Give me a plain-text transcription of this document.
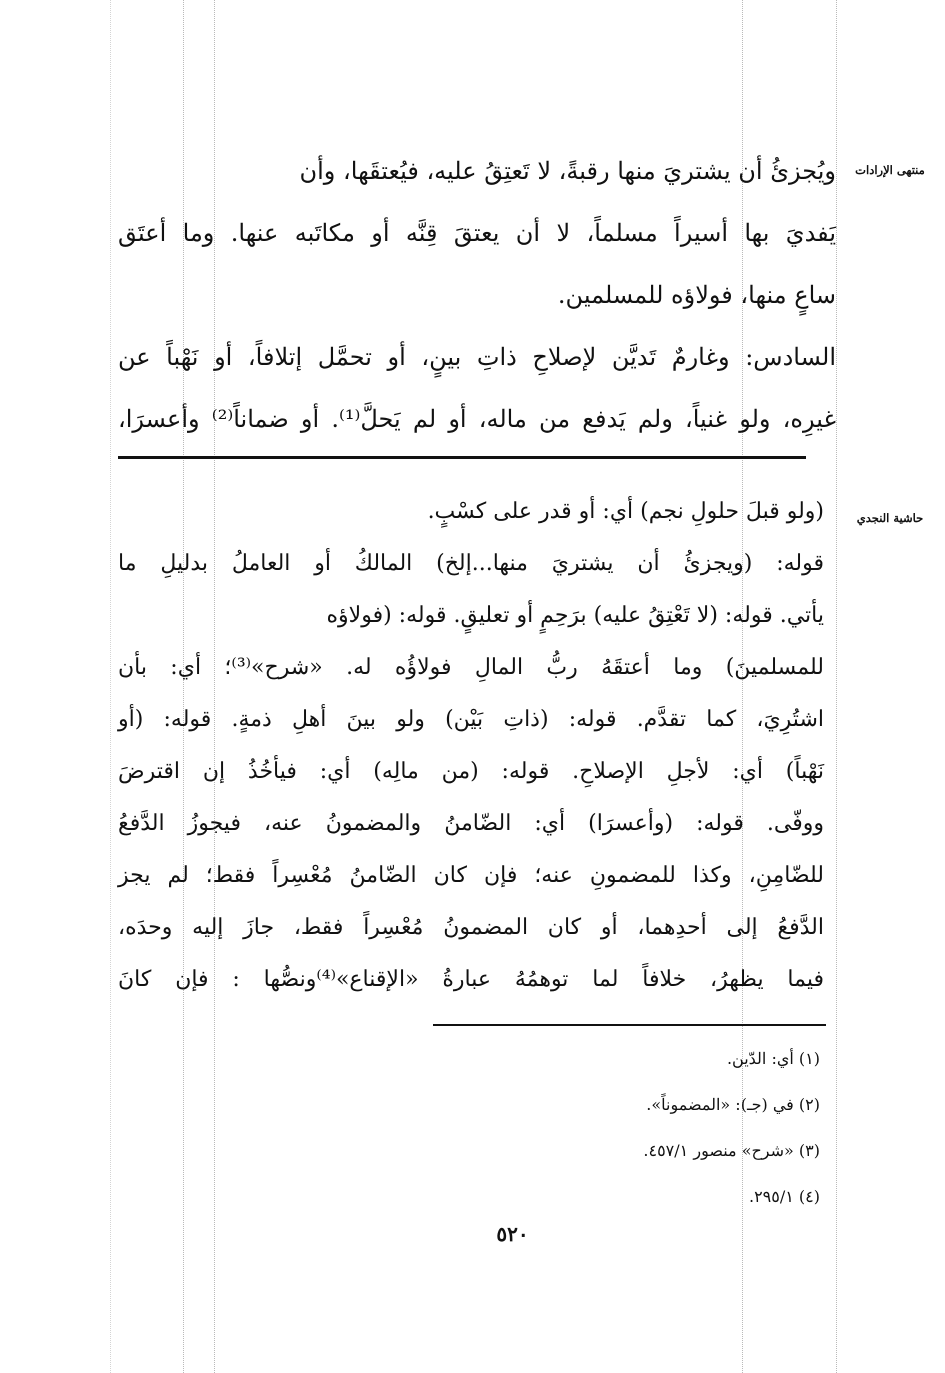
منتهى الإرادات
حاشية النجدي
ويُجزئُ أن يشتريَ منها رقبةً، لا تَعتِقُ عليه، فيُعتقَها، وأن
يَفديَ بها أسيراً مسلماً، لا أن يعتقَ قِنَّه أو مكاتَبه عنها. وما أعتَق
ساعٍ منها، فولاؤه للمسلمين.
السادس: وغارمٌ تَديَّن لإصلاحِ ذاتِ بينٍ، أو تحمَّل إتلافاً، أو نَهْباً عن
غيرِه، ولو غنياً، ولم يَدفع من ماله، أو لم يَحلَّ⁽¹⁾. أو ضماناً⁽²⁾ وأعسرَا،
(ولو قبلَ حلولِ نجم) أي: أو قدر على كسْبٍ.
قوله: (ويجزئُ أن يشتريَ منها...إلخ) المالكُ أو العاملُ بدليلِ ما
يأتي. قوله: (لا تَعْتِقُ عليه) برَحِمٍ أو تعليقٍ. قوله: (فولاؤه
للمسلمينَ) وما أعتقَهُ ربُّ المالِ فولاؤُه له. «شرح»⁽³⁾؛ أي: بأن
اشتُرِيَ، كما تقدَّم. قوله: (ذاتِ بَيْن) ولو بينَ أهلِ ذمةٍ. قوله: (أو
نَهْباً) أي: لأجلِ الإصلاحِ. قوله: (من مالِه) أي: فيأخُذُ إن اقترضَ
ووفّى. قوله: (وأعسرَا) أي: الضّامنُ والمضمونُ عنه، فيجوزُ الدَّفعُ
للضّامِنِ، وكذا للمضمونِ عنه؛ فإن كان الضّامنُ مُعْسِراً فقط؛ لم يجز
الدَّفعُ إلى أحدِهما، أو كان المضمونُ مُعْسِراً فقط، جازَ إليه وحدَه،
فيما يظهرُ، خلافاً لما توهمُهُ عبارةُ «الإقناع»⁽⁴⁾ونصُّها : فإن كانَ
(١) أي: الدّين.
(٢) في (جـ): «المضموناً».
(٣) «شرح» منصور ٤٥٧/١.
(٤) ٢٩٥/١.
٥٢٠
